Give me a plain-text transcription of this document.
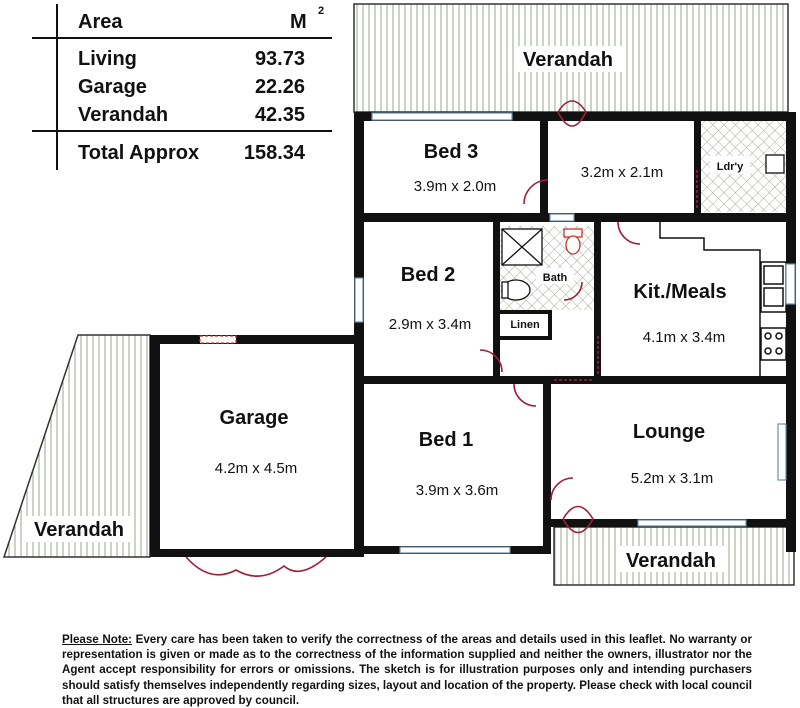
Area	M 2
Living	93.73
Garage	22.26
Verandah	42.35
Total Approx 158.34
Verandah
Bed 3
3.9m x 2.0m
3.2m x 2.1m	Ldr'y
Bath
Linen
Bed 2
2.9m x 3.4m
Kit./Meals
4.1m x 3.4m
Garage
4.2m x 4.5m
Bed 1
3.9m x 3.6m
Lounge
5.2m x 3.1m
Verandah
Verandah
Please Note: Every care has been taken to verify the correctness of the areas and details used in this leaflet. No warranty or representation is given or made as to the correctness of the information supplied and neither the owners, illustrator nor the Agent accept responsibility for errors or omissions. The sketch is for illustration purposes only and intending purchasers should satisfy themselves independently regarding sizes, layout and location of the property. Please check with local council that all structures are approved by council.
